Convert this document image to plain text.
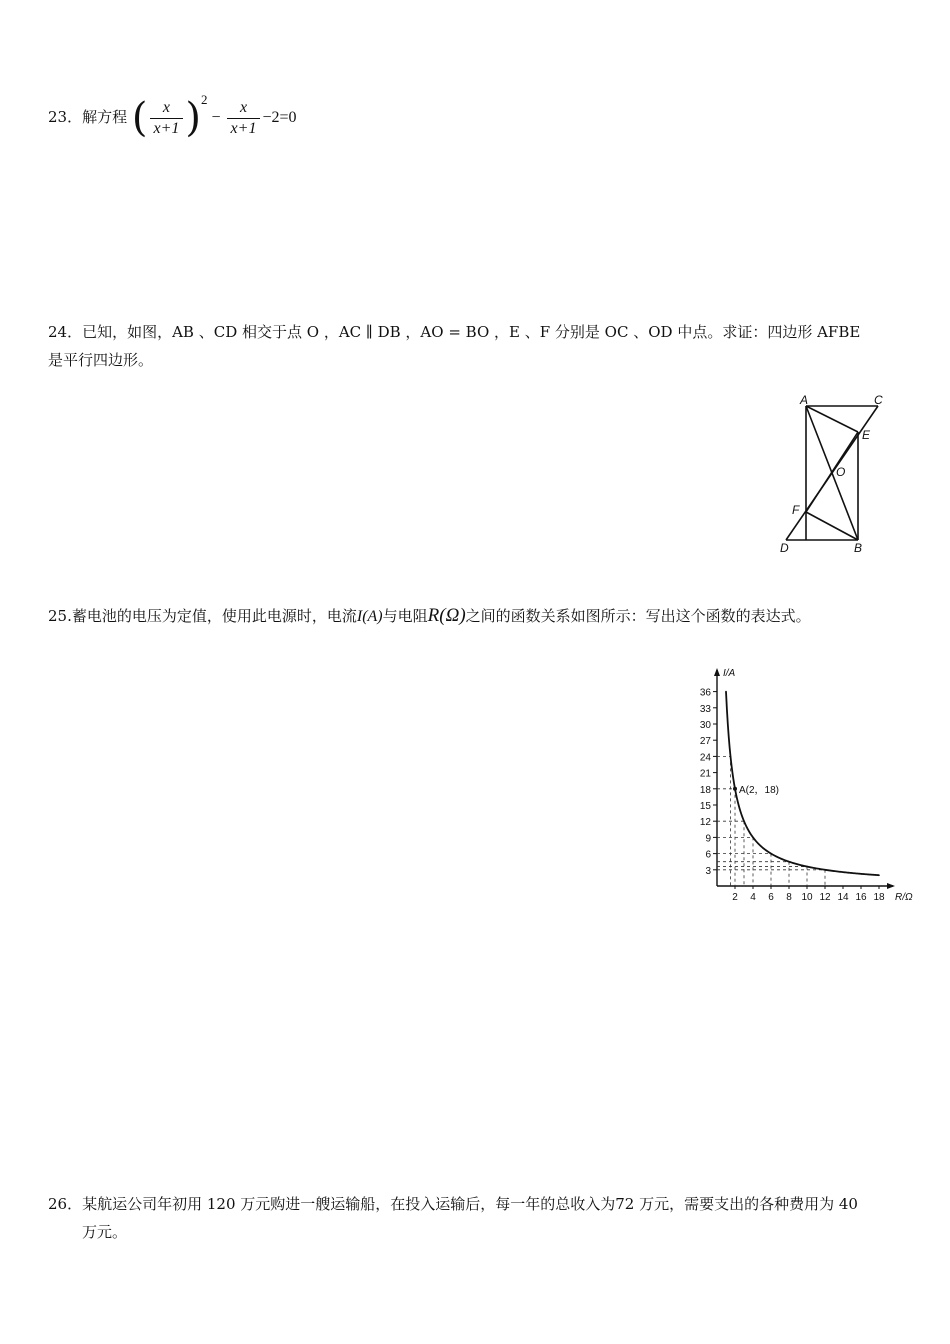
23．解方程 ( $\frac{x}{x+1} )^2 - \frac{x}{x+1} -2=0$
24．已知，如图，AB 、CD 相交于点 O ，AC ∥ DB ，AO = BO ，E 、F 分别是 OC 、OD 中点。求证：四边形 AFBE
是平行四边形。
A	C
E
O
F
D	B
25.蓄电池的电压为定值，使用此电源时，电流I(A)与电阻R(Ω)之间的函数关系如图所示：写出这个函数的表达式。
3
6
9
12
15
18
21
24
27
30
33
36
2 4 6 8 10 12 14 16 18
I/A
R/Ω
A(2，18)
26．某航运公司年初用 120 万元购进一艘运输船，在投入运输后，每一年的总收入为72 万元，需要支出的各种费用为 40
万元。
